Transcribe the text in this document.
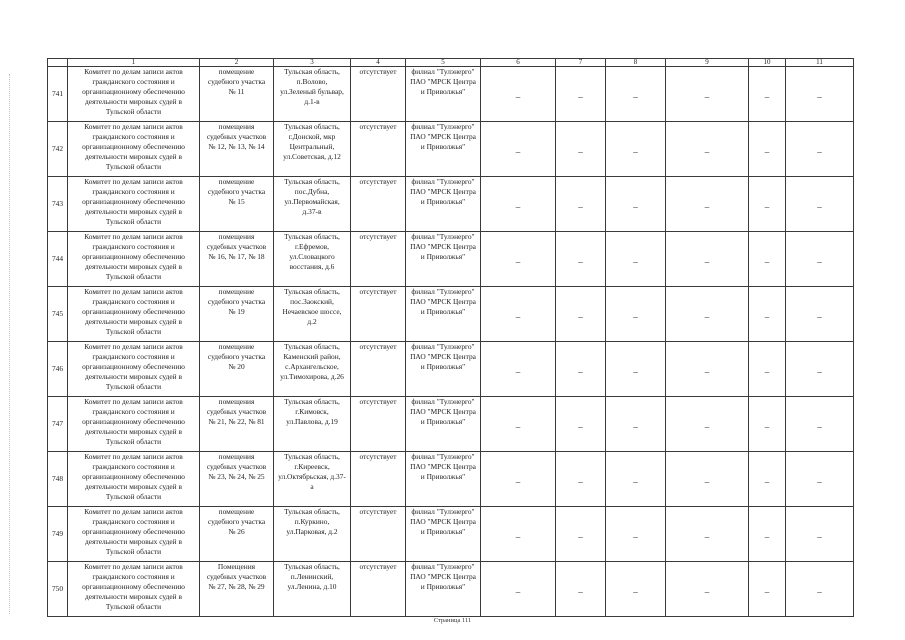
	1	2	3	4	5	6	7	8	9	10	11
741	Комитет по делам записи актов
гражданского состояния и
организационному обеспечению
деятельности мировых судей в
Тульской области	помещение
судебного участка
№ 11	Тульская область,
п.Волово,
ул.Зеленый бульвар,
д.1-в	отсутствует	филиал "Тулэнерго"
ПАО "МРСК Центра
и Приволжья"	–	–	–	–	–	–
742	Комитет по делам записи актов
гражданского состояния и
организационному обеспечению
деятельности мировых судей в
Тульской области	помещения
судебных участков
№ 12, № 13, № 14	Тульская область,
г.Донской, мкр
Центральный,
ул.Советская, д.12	отсутствует	филиал "Тулэнерго"
ПАО "МРСК Центра
и Приволжья"	–	–	–	–	–	–
743	Комитет по делам записи актов
гражданского состояния и
организационному обеспечению
деятельности мировых судей в
Тульской области	помещение
судебного участка
№ 15	Тульская область,
пос.Дубна,
ул.Первомайская,
д.37-в	отсутствует	филиал "Тулэнерго"
ПАО "МРСК Центра
и Приволжья"	–	–	–	–	–	–
744	Комитет по делам записи актов
гражданского состояния и
организационному обеспечению
деятельности мировых судей в
Тульской области	помещения
судебных участков
№ 16, № 17, № 18	Тульская область,
г.Ефремов,
ул.Словацкого
восстания, д.6	отсутствует	филиал "Тулэнерго"
ПАО "МРСК Центра
и Приволжья"	–	–	–	–	–	–
745	Комитет по делам записи актов
гражданского состояния и
организационному обеспечению
деятельности мировых судей в
Тульской области	помещение
судебного участка
№ 19	Тульская область,
пос.Заокский,
Нечаевское шоссе,
д.2	отсутствует	филиал "Тулэнерго"
ПАО "МРСК Центра
и Приволжья"	–	–	–	–	–	–
746	Комитет по делам записи актов
гражданского состояния и
организационному обеспечению
деятельности мировых судей в
Тульской области	помещение
судебного участка
№ 20	Тульская область,
Каменский район,
с.Архангельское,
ул.Тимохирова, д.26	отсутствует	филиал "Тулэнерго"
ПАО "МРСК Центра
и Приволжья"	–	–	–	–	–	–
747	Комитет по делам записи актов
гражданского состояния и
организационному обеспечению
деятельности мировых судей в
Тульской области	помещения
судебных участков
№ 21, № 22, № 81	Тульская область,
г.Кимовск,
ул.Павлова, д.19	отсутствует	филиал "Тулэнерго"
ПАО "МРСК Центра
и Приволжья"	–	–	–	–	–	–
748	Комитет по делам записи актов
гражданского состояния и
организационному обеспечению
деятельности мировых судей в
Тульской области	помещения
судебных участков
№ 23, № 24, № 25	Тульская область,
г.Киреевск,
ул.Октябрьская, д.37-
а	отсутствует	филиал "Тулэнерго"
ПАО "МРСК Центра
и Приволжья"	–	–	–	–	–	–
749	Комитет по делам записи актов
гражданского состояния и
организационному обеспечению
деятельности мировых судей в
Тульской области	помещение
судебного участка
№ 26	Тульская область,
п.Куркино,
ул.Парковая, д.2	отсутствует	филиал "Тулэнерго"
ПАО "МРСК Центра
и Приволжья"	–	–	–	–	–	–
750	Комитет по делам записи актов
гражданского состояния и
организационному обеспечению
деятельности мировых судей в
Тульской области	Помещения
судебных участков
№ 27, № 28, № 29	Тульская область,
п.Ленинский,
ул.Ленина, д.10	отсутствует	филиал "Тулэнерго"
ПАО "МРСК Центра
и Приволжья"	–	–	–	–	–	–
Страница 111
